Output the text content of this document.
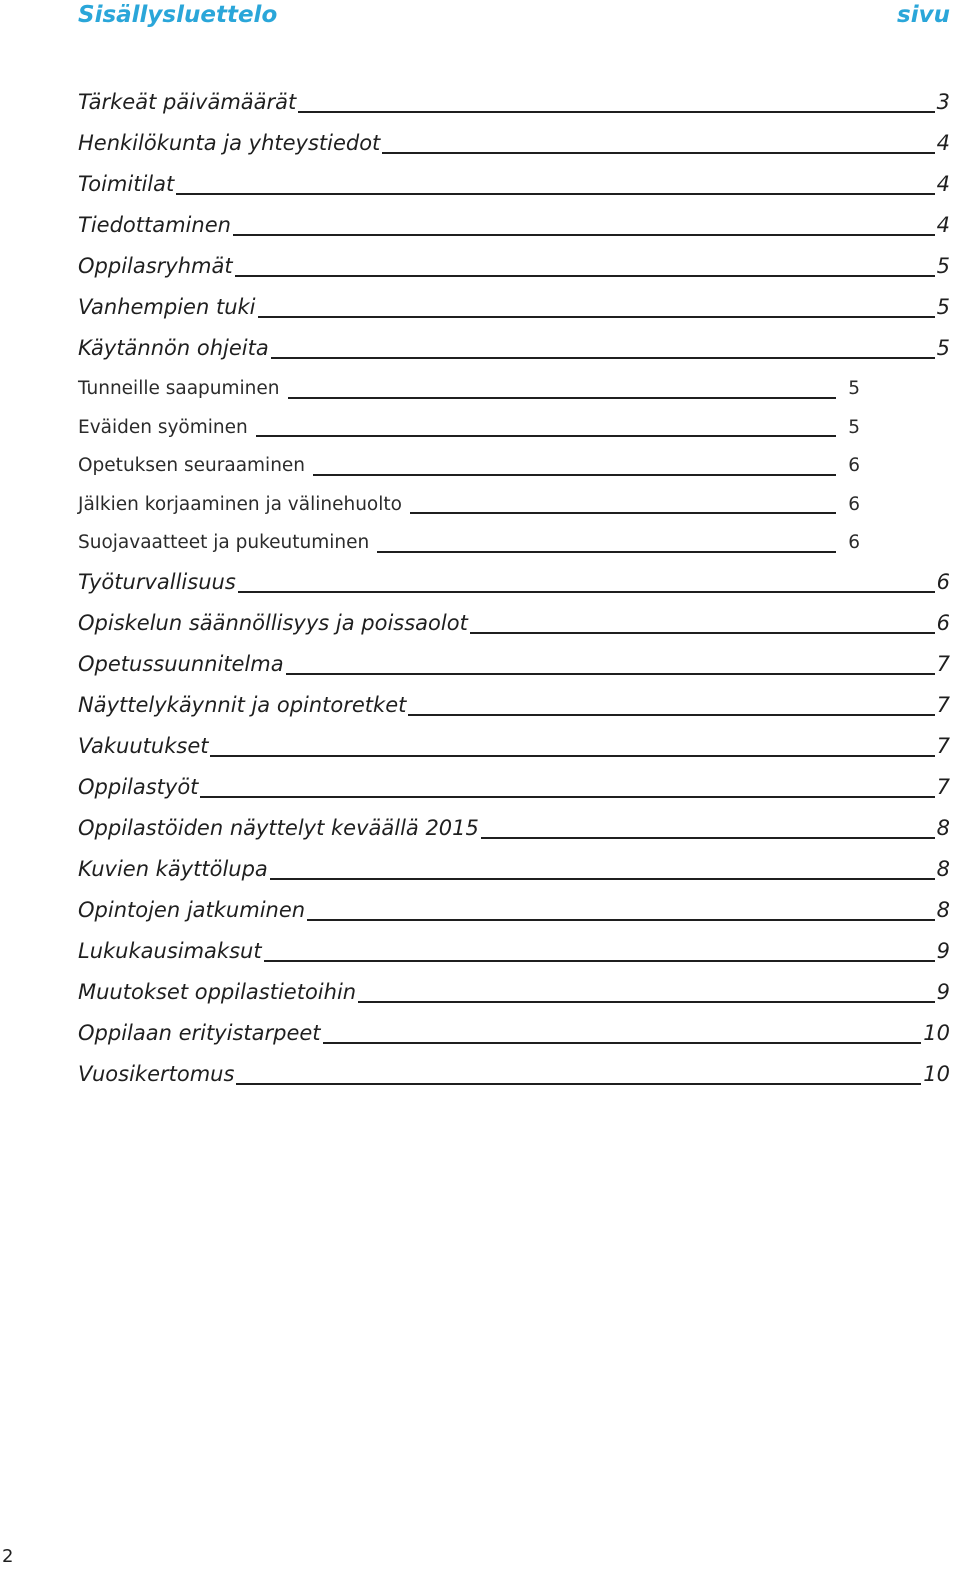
Sisällysluettelo	sivu
Tärkeät päivämäärät	3
Henkilökunta ja yhteystiedot	4
Toimitilat	4
Tiedottaminen	4
Oppilasryhmät	5
Vanhempien tuki	5
Käytännön ohjeita	5
Tunneille saapuminen	5
Eväiden syöminen	5
Opetuksen seuraaminen	6
Jälkien korjaaminen ja välinehuolto	6
Suojavaatteet ja pukeutuminen	6
Työturvallisuus	6
Opiskelun säännöllisyys ja poissaolot	6
Opetussuunnitelma	7
Näyttelykäynnit ja opintoretket	7
Vakuutukset	7
Oppilastyöt	7
Oppilastöiden näyttelyt keväällä 2015	8
Kuvien käyttölupa	8
Opintojen jatkuminen	8
Lukukausimaksut	9
Muutokset oppilastietoihin	9
Oppilaan erityistarpeet	10
Vuosikertomus	10
2
